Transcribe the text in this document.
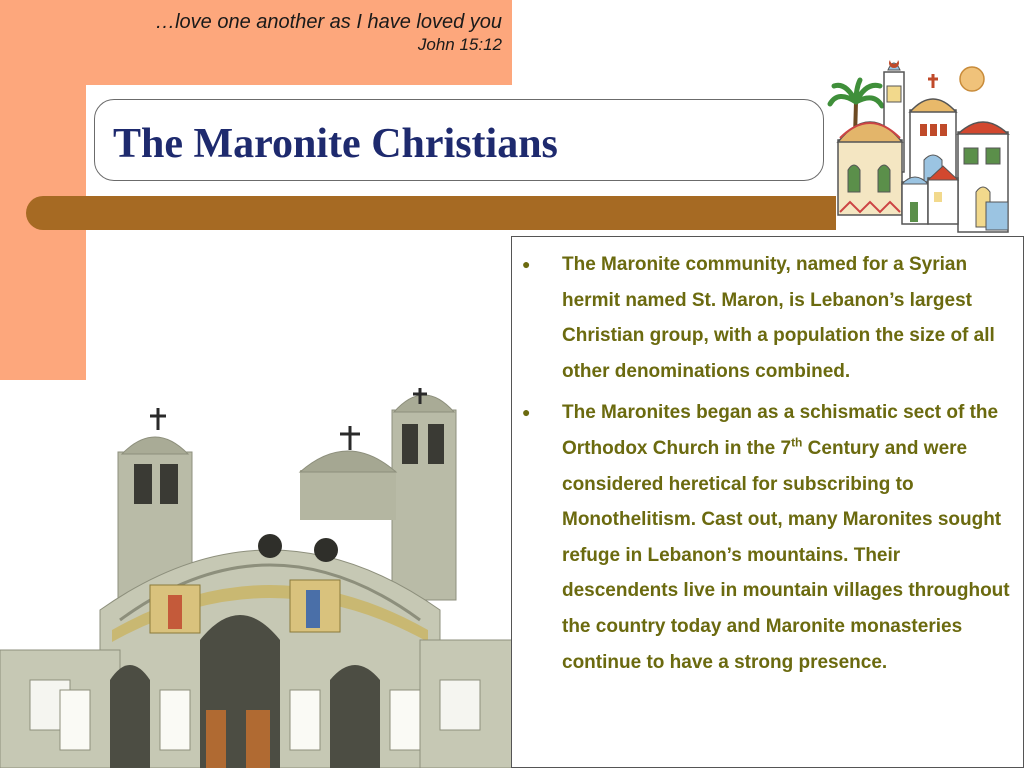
…love one another as I have loved you
John 15:12
The Maronite Christians
● The Maronite community, named for a Syrian hermit named St. Maron, is Lebanon’s largest Christian group, with a population the size of all other denominations combined.
● The Maronites began as a schismatic sect of the Orthodox Church in the 7th Century and were considered heretical for subscribing to Monothelitism. Cast out, many Maronites sought refuge in Lebanon’s mountains. Their descendents live in mountain villages throughout the country today and Maronite monasteries continue to have a strong presence.
